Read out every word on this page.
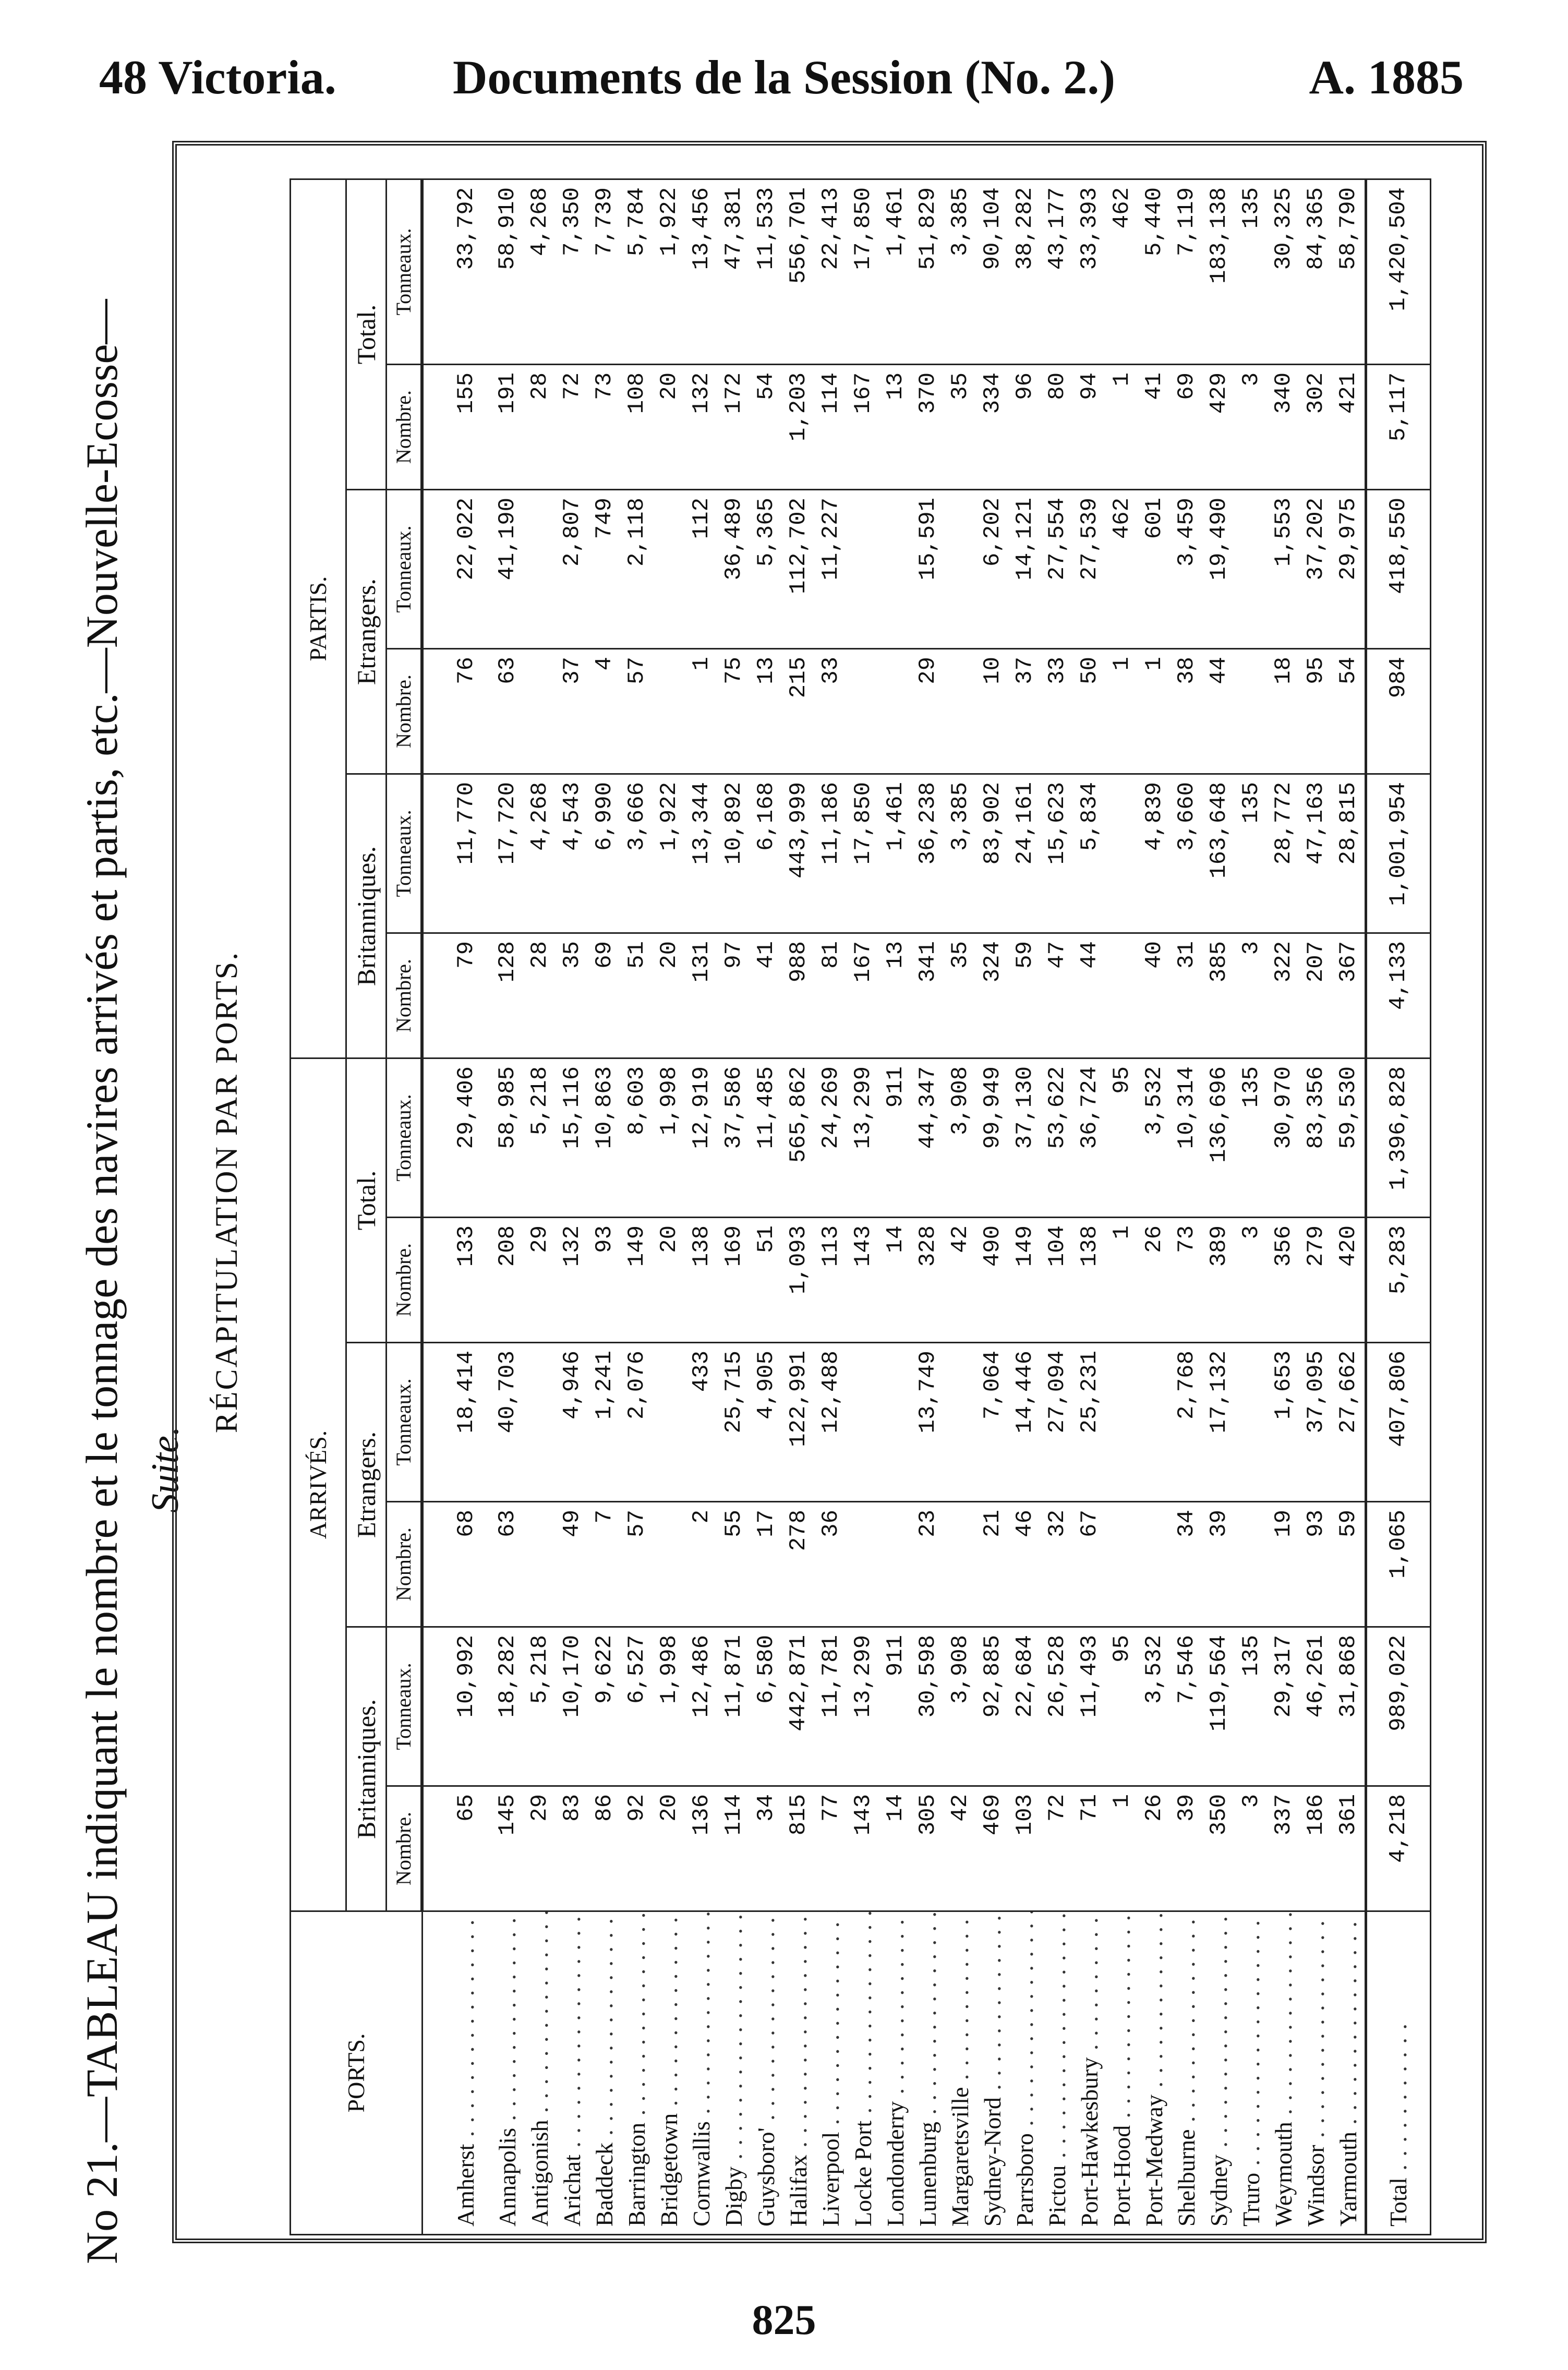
48 Victoria. Documents de la Session (No. 2.)	A. 1885
No 21.—TABLEAU indiquant le nombre et le tonnage des navires arrivés et partis, etc.—Nouvelle-Ecosse— Suite.
RÉCAPITULATION PAR PORTS.
PORTS.	ARRIVÉS.						PARTIS.					
	Britanniques.		Etrangers.		Total.		Britanniques.		Etrangers.		Total.	
	Nombre.	Tonneaux.	Nombre.	Tonneaux.	Nombre.	Tonneaux.	Nombre.	Tonneaux.	Nombre.	Tonneaux.	Nombre.	Tonneaux.
Amherst . . .	65	10,992	68	18,414	133	29,406	79	11,770	76	22,022	155	33,792
Annapolis . . .	145	18,282	63	40,703	208	58,985	128	17,720	63	41,190	191	58,910
Antigonish . . .	29	5,218			29	5,218	28	4,268			28	4,268
Arichat . . .	83	10,170	49	4,946	132	15,116	35	4,543	37	2,807	72	7,350
Baddeck . . .	86	9,622	7	1,241	93	10,863	69	6,990	4	749	73	7,739
Barrington . . .	92	6,527	57	2,076	149	8,603	51	3,666	57	2,118	108	5,784
Bridgetown . . .	20	1,998			20	1,998	20	1,922			20	1,922
Cornwallis . . .	136	12,486	2	433	138	12,919	131	13,344	1	112	132	13,456
Digby . . .	114	11,871	55	25,715	169	37,586	97	10,892	75	36,489	172	47,381
Guysboro' . . .	34	6,580	17	4,905	51	11,485	41	6,168	13	5,365	54	11,533
Halifax . . .	815	442,871	278	122,991	1,093	565,862	988	443,999	215	112,702	1,203	556,701
Liverpool . . .	77	11,781	36	12,488	113	24,269	81	11,186	33	11,227	114	22,413
Locke Port . . .	143	13,299			143	13,299	167	17,850			167	17,850
Londonderry . . .	14	911			14	911	13	1,461			13	1,461
Lunenburg . . .	305	30,598	23	13,749	328	44,347	341	36,238	29	15,591	370	51,829
Margaretsville . . .	42	3,908			42	3,908	35	3,385			35	3,385
Sydney-Nord . . .	469	92,885	21	7,064	490	99,949	324	83,902	10	6,202	334	90,104
Parrsboro . . .	103	22,684	46	14,446	149	37,130	59	24,161	37	14,121	96	38,282
Pictou . . .	72	26,528	32	27,094	104	53,622	47	15,623	33	27,554	80	43,177
Port-Hawkesbury . . .	71	11,493	67	25,231	138	36,724	44	5,834	50	27,539	94	33,393
Port-Hood . . .	1	95			1	95			1	462	1	462
Port-Medway . . .	26	3,532			26	3,532	40	4,839	1	601	41	5,440
Shelburne . . .	39	7,546	34	2,768	73	10,314	31	3,660	38	3,459	69	7,119
Sydney . . .	350	119,564	39	17,132	389	136,696	385	163,648	44	19,490	429	183,138
Truro . . .	3	135			3	135	3	135			3	135
Weymouth . . .	337	29,317	19	1,653	356	30,970	322	28,772	18	1,553	340	30,325
Windsor . . .	186	46,261	93	37,095	279	83,356	207	47,163	95	37,202	302	84,365
Yarmouth . . .	361	31,868	59	27,662	420	59,530	367	28,815	54	29,975	421	58,790
Total . . .	4,218	989,022	1,065	407,806	5,283	1,396,828	4,133	1,001,954	984	418,550	5,117	1,420,504
825
